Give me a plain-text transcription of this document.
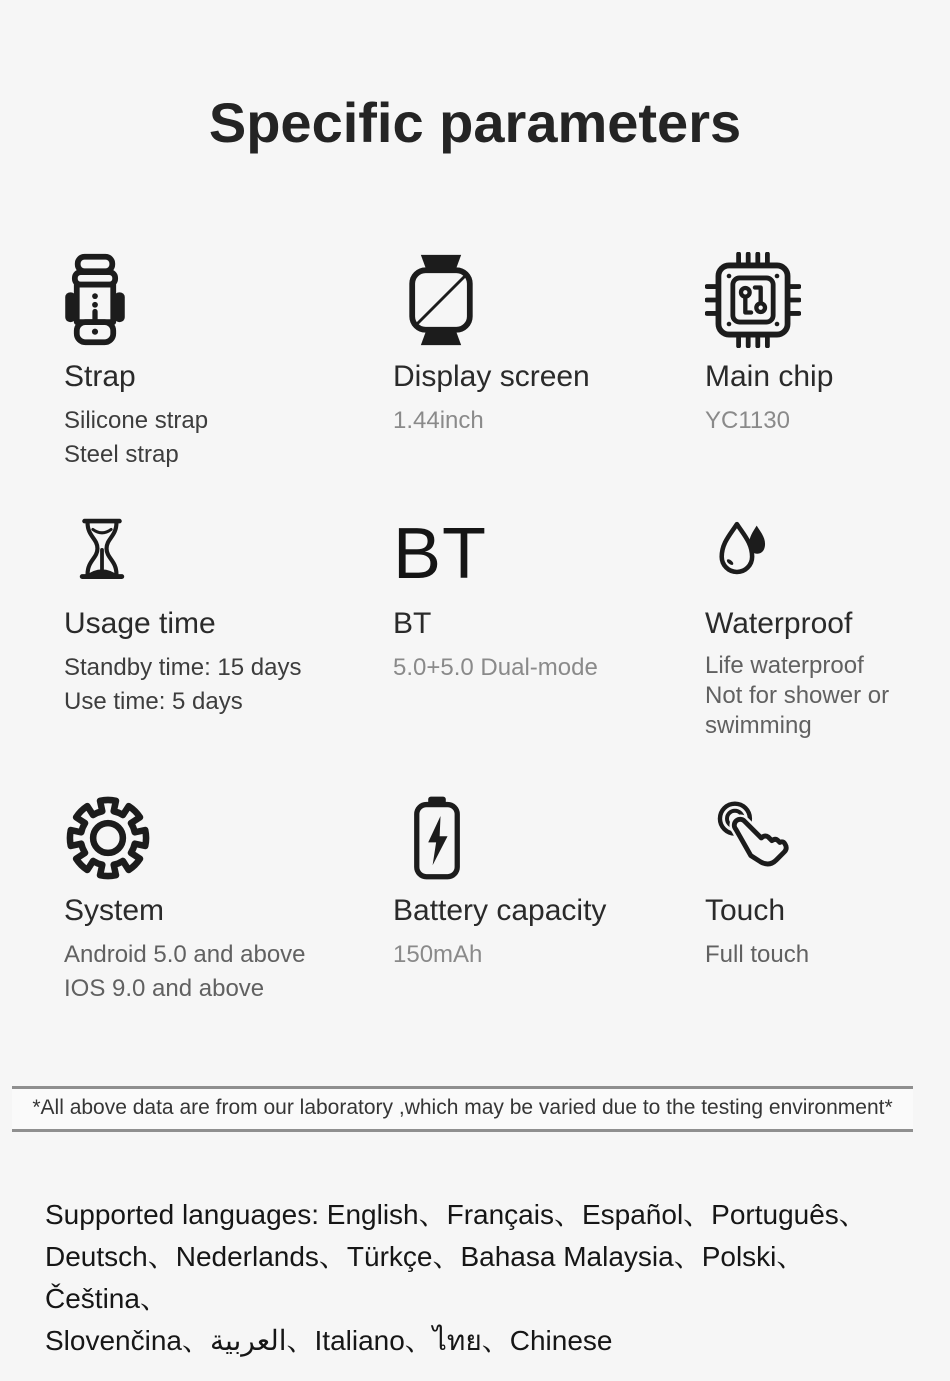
Specific parameters
Strap
Silicone strap
Steel strap
Display screen
1.44inch
Main chip
YC1130
Usage time
Standby time: 15 days
Use time: 5 days
BT
BT
5.0+5.0 Dual-mode
Waterproof
Life waterproof
Not for shower or swimming
System
Android 5.0 and above
IOS 9.0 and above
Battery capacity
150mAh
Touch
Full touch
*All above data are from our laboratory ,which may be varied due to the testing environment*
Supported languages: English、Français、Español、Português、
Deutsch、Nederlands、Türkçe、Bahasa Malaysia、Polski、Čeština、
Slovenčina、العربية、Italiano、ไทย、Chinese
